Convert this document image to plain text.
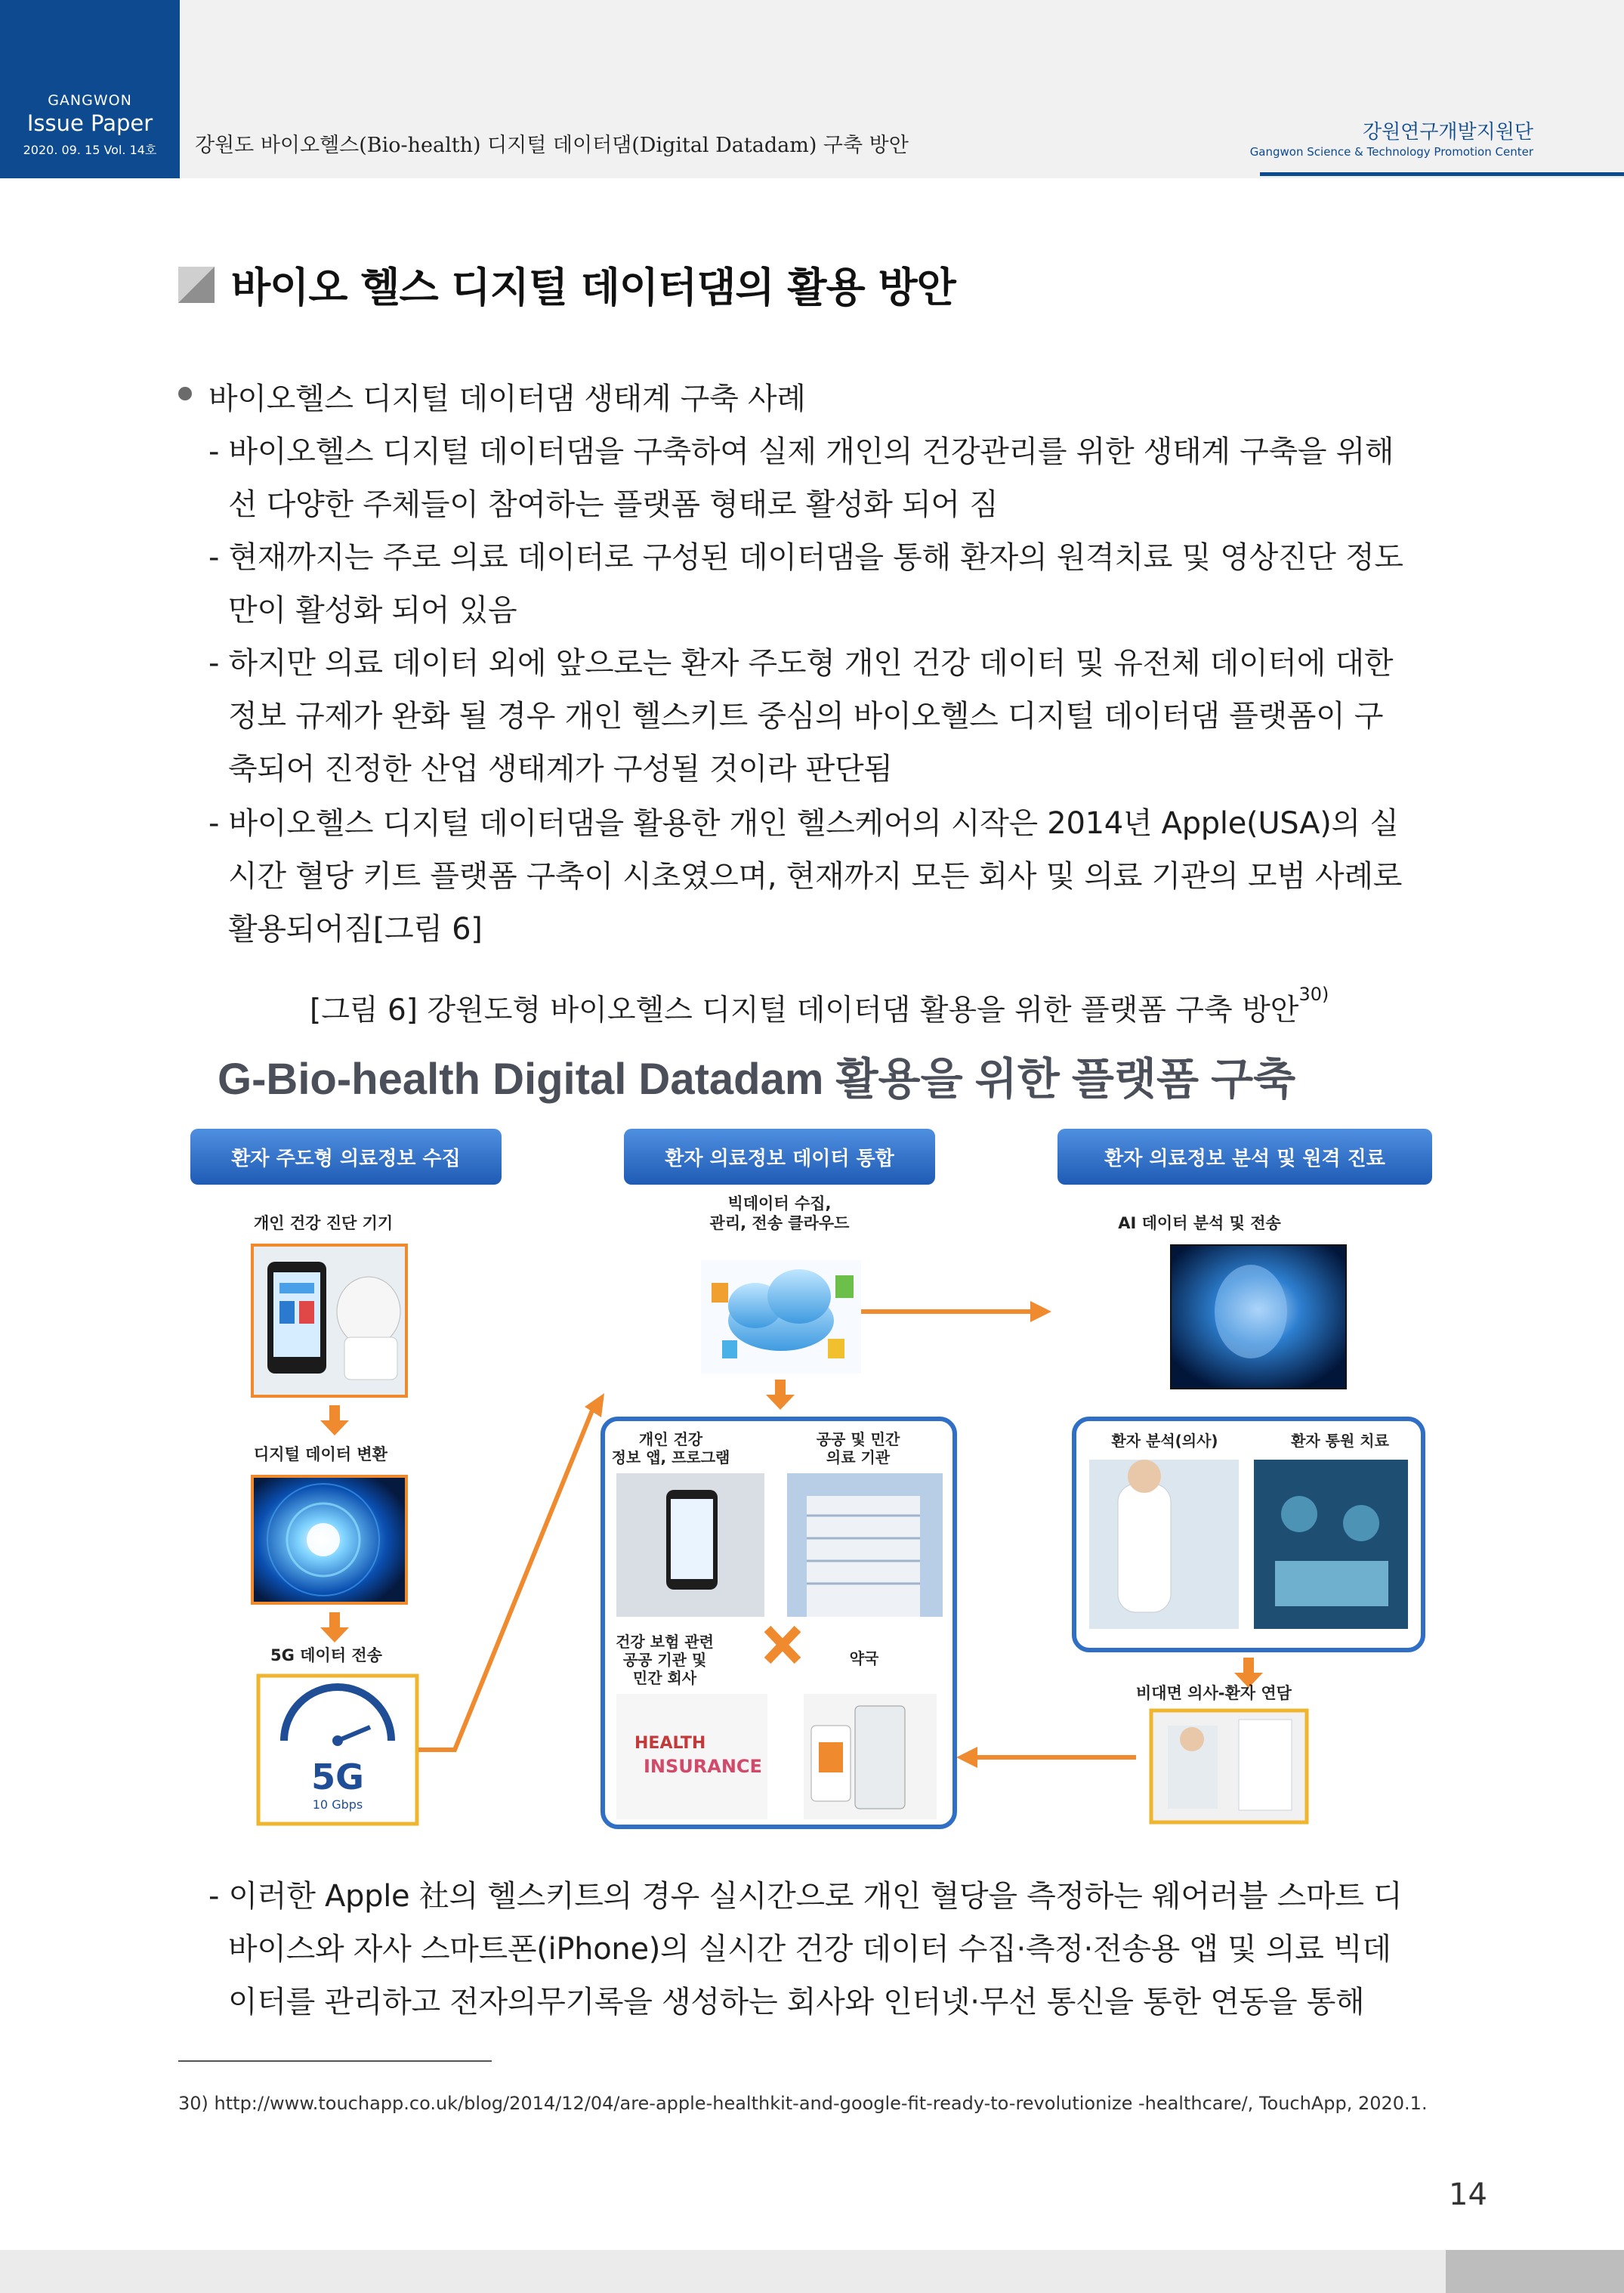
GANGWON
Issue Paper
2020. 09. 15 Vol. 14호	강원도 바이오헬스(Bio-health) 디지털 데이터댐(Digital Datadam) 구축 방안
강원연구개발지원단
Gangwon Science & Technology Promotion Center
바이오 헬스 디지털 데이터댐의 활용 방안
바이오헬스 디지털 데이터댐 생태계 구축 사례
- 바이오헬스 디지털 데이터댐을 구축하여 실제 개인의 건강관리를 위한 생태계 구축을 위해
선 다양한 주체들이 참여하는 플랫폼 형태로 활성화 되어 짐
- 현재까지는 주로 의료 데이터로 구성된 데이터댐을 통해 환자의 원격치료 및 영상진단 정도
만이 활성화 되어 있음
- 하지만 의료 데이터 외에 앞으로는 환자 주도형 개인 건강 데이터 및 유전체 데이터에 대한
정보 규제가 완화 될 경우 개인 헬스키트 중심의 바이오헬스 디지털 데이터댐 플랫폼이 구
축되어 진정한 산업 생태계가 구성될 것이라 판단됨
- 바이오헬스 디지털 데이터댐을 활용한 개인 헬스케어의 시작은 2014년 Apple(USA)의 실
시간 혈당 키트 플랫폼 구축이 시초였으며, 현재까지 모든 회사 및 의료 기관의 모범 사례로
활용되어짐[그림 6]
[그림 6] 강원도형 바이오헬스 디지털 데이터댐 활용을 위한 플랫폼 구축 방안$^{30)}$
G-Bio-health Digital Datadam 활용을 위한 플랫폼 구축
환자 주도형 의료정보 수집	환자 의료정보 데이터 통합	환자 의료정보 분석 및 원격 진료
개인 건강 진단 기기
디지털 데이터 변환
5G 데이터 전송
5G
10 Gbps
빅데이터 수집, 관리, 전송 클라우드
개인 건강 정보 앱, 프로그램
공공 및 민간 의료 기관
건강 보험 관련 공공 기관 및 민간 회사
약국
HEALTH
INSURANCE
AI 데이터 분석 및 전송
환자 분석(의사)	환자 통원 치료
비대면 의사-환자 연담
- 이러한 Apple 社의 헬스키트의 경우 실시간으로 개인 혈당을 측정하는 웨어러블 스마트 디
바이스와 자사 스마트폰(iPhone)의 실시간 건강 데이터 수집·측정·전송용 앱 및 의료 빅데
이터를 관리하고 전자의무기록을 생성하는 회사와 인터넷·무선 통신을 통한 연동을 통해
30) http://www.touchapp.co.uk/blog/2014/12/04/are-apple-healthkit-and-google-fit-ready-to-revolutionize -healthcare/, TouchApp, 2020.1.
14
